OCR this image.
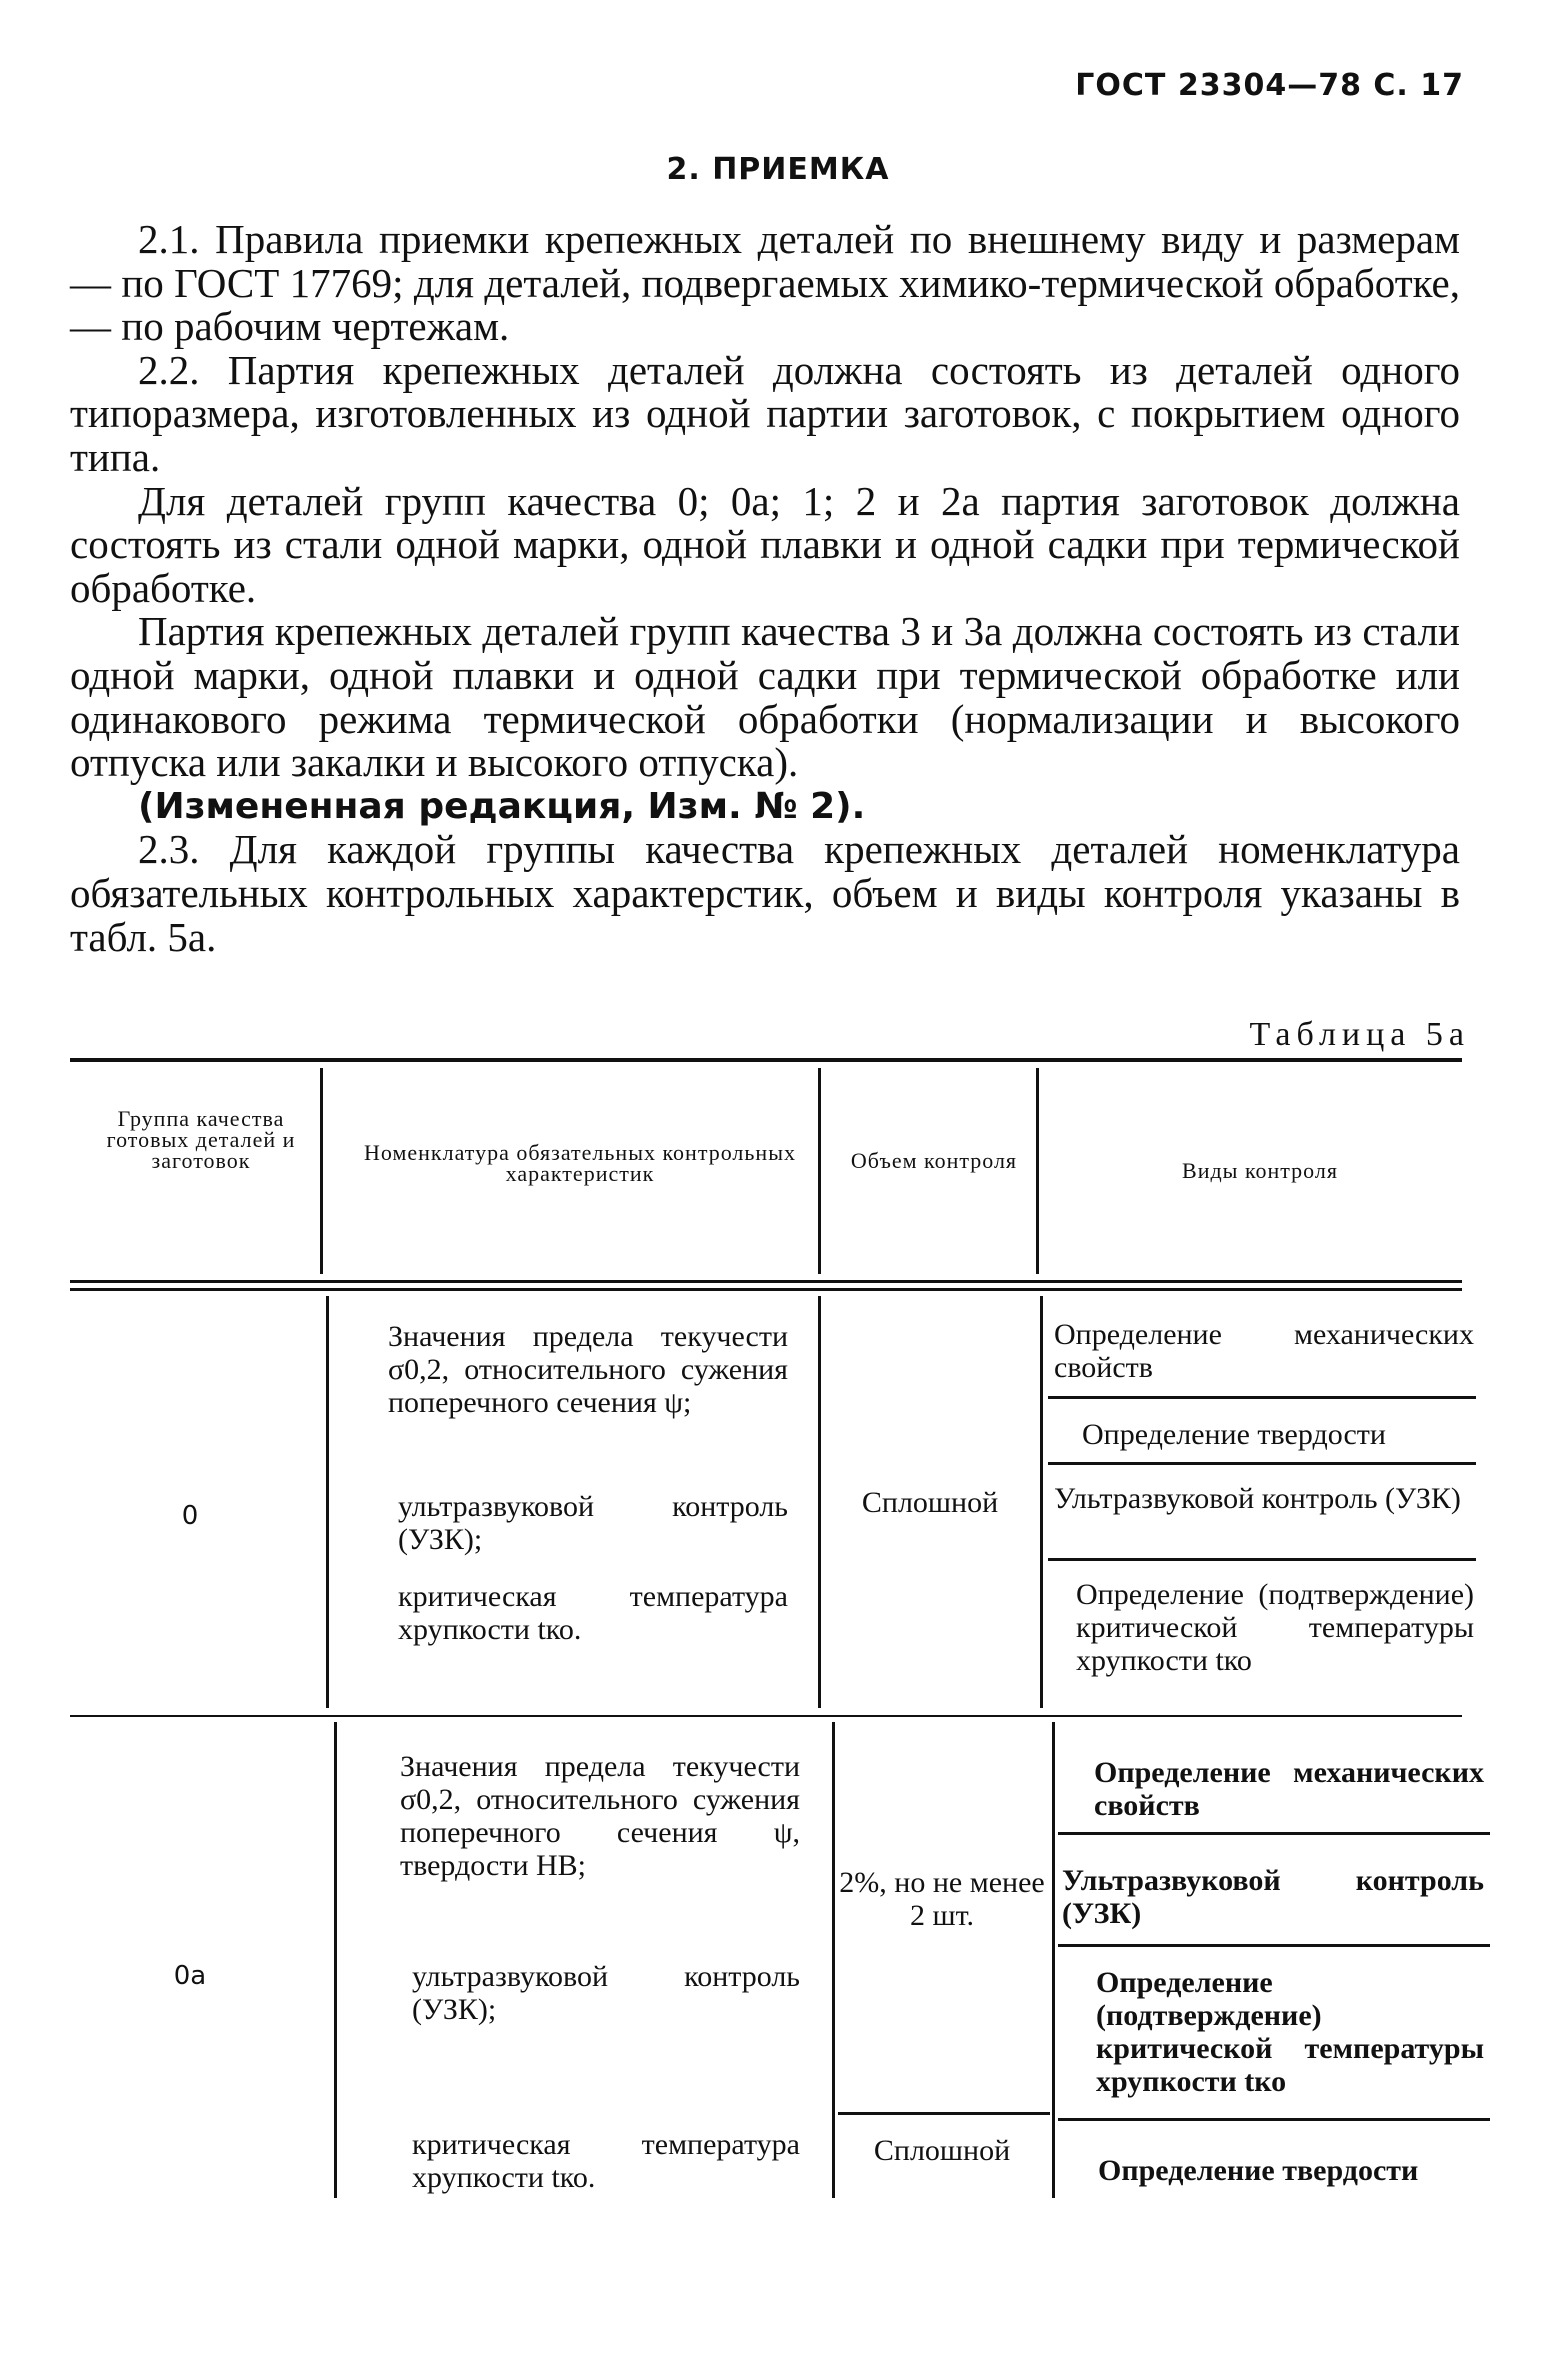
ГОСТ 23304—78 С. 17
2. ПРИЕМКА

2.1. Правила приемки крепежных деталей по внешнему виду и размерам — по ГОСТ 17769; для деталей, подвергаемых химико-термической обработке, — по рабочим чертежам.

2.2. Партия крепежных деталей должна состоять из деталей одного типоразмера, изготовленных из одной партии заготовок, с покрытием одного типа.

Для деталей групп качества 0; 0а; 1; 2 и 2а партия заготовок должна состоять из стали одной марки, одной плавки и одной садки при термической обработке.

Партия крепежных деталей групп качества 3 и 3а должна состоять из стали одной марки, одной плавки и одной садки при термической обработке или одинакового режима термической обработки (нормализации и высокого отпуска или закалки и высокого отпуска).

(Измененная редакция, Изм. № 2).

2.3. Для каждой группы качества крепежных деталей номенклатура обязательных контрольных характерстик, объем и виды контроля указаны в табл. 5а.

Таблица 5а
Группа качества готовых деталей и заготовок	Номенклатура обязательных контрольных характеристик
Объем контроля	Виды контроля
0
Значения предела текучести σ0,2, относительного сужения поперечного сечения ψ;
ультразвуковой контроль (УЗК);
критическая температура хрупкости tко.
Сплошной
Определение механических свойств
Определение твердости
Ультразвуковой контроль (УЗК)
Определение (подтверждение) критической температуры хрупкости tко
0а
Значения предела текучести σ0,2, относительного сужения поперечного сечения ψ, твердости НВ;
ультразвуковой контроль (УЗК);
критическая температура хрупкости tко.
2%, но не менее 2 шт.
Сплошной
Определение механических свойств
Ультразвуковой контроль (УЗК)
Определение (подтверждение) критической температуры хрупкости tко
Определение твердости
